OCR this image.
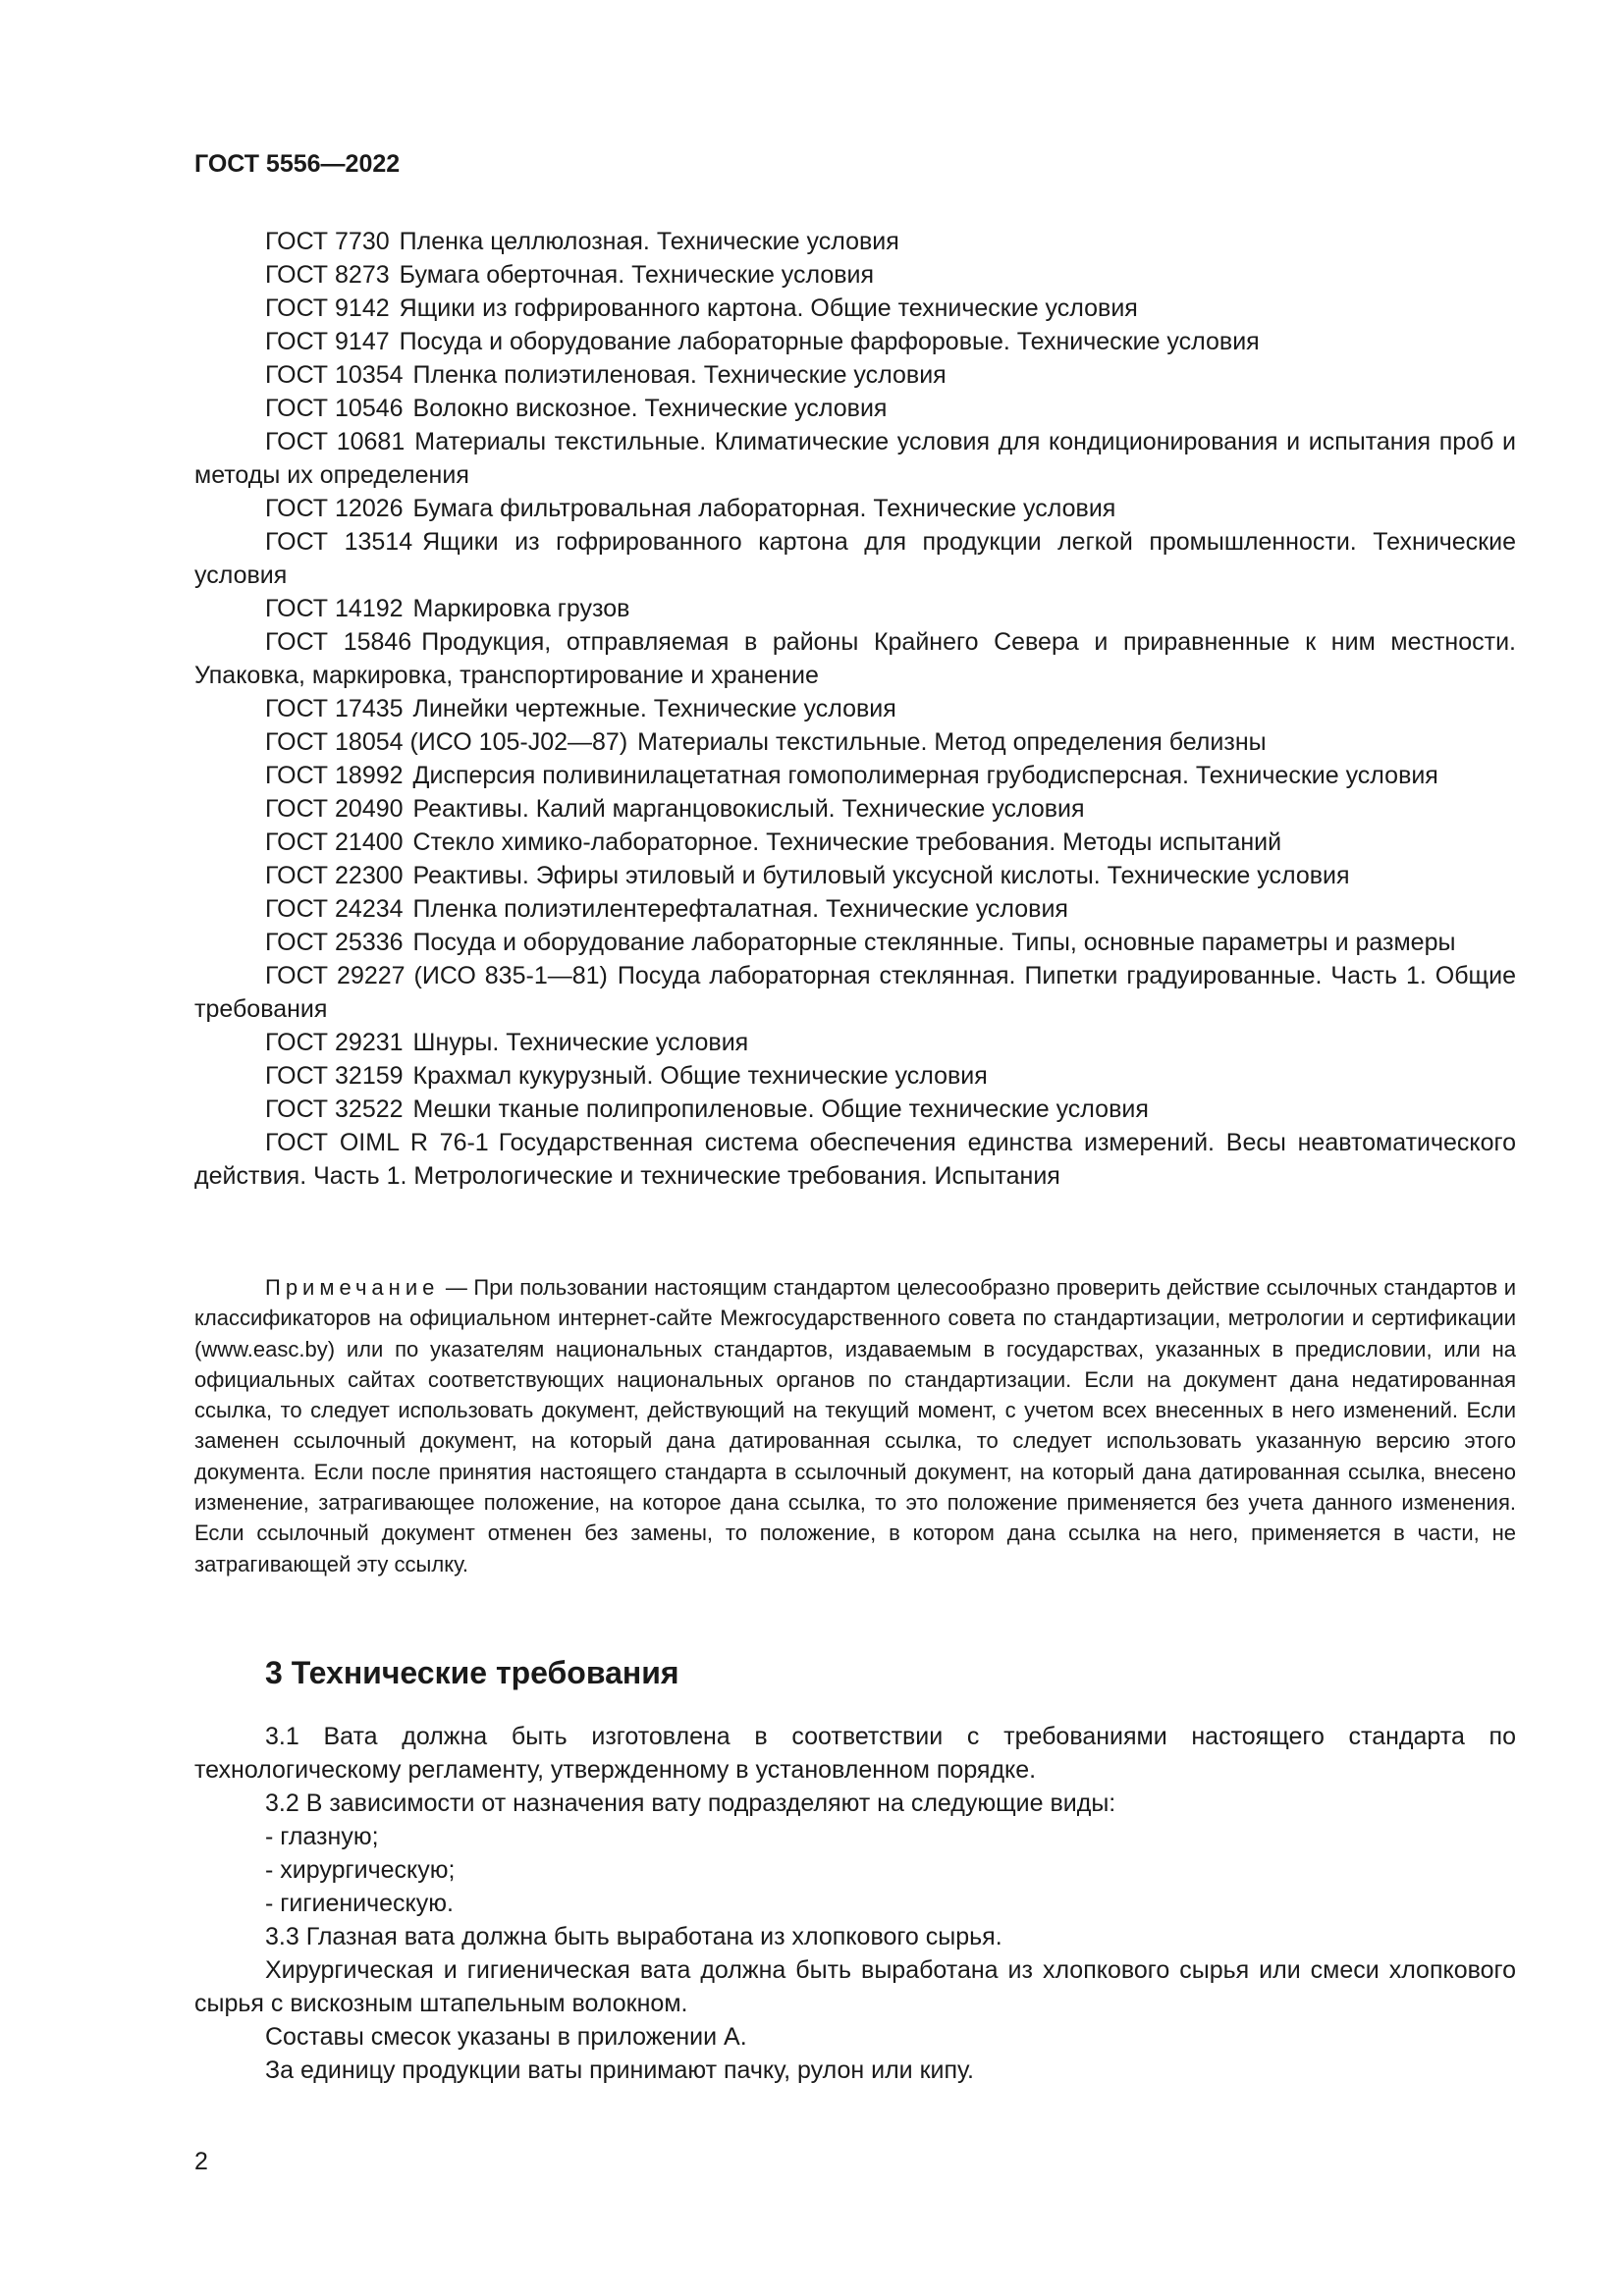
ГОСТ 5556—2022
ГОСТ 7730 Пленка целлюлозная. Технические условия
ГОСТ 8273 Бумага оберточная. Технические условия
ГОСТ 9142 Ящики из гофрированного картона. Общие технические условия
ГОСТ 9147 Посуда и оборудование лабораторные фарфоровые. Технические условия
ГОСТ 10354 Пленка полиэтиленовая. Технические условия
ГОСТ 10546 Волокно вискозное. Технические условия
ГОСТ 10681 Материалы текстильные. Климатические условия для кондиционирования и испытания проб и методы их определения
ГОСТ 12026 Бумага фильтровальная лабораторная. Технические условия
ГОСТ 13514 Ящики из гофрированного картона для продукции легкой промышленности. Технические условия
ГОСТ 14192 Маркировка грузов
ГОСТ 15846 Продукция, отправляемая в районы Крайнего Севера и приравненные к ним местности. Упаковка, маркировка, транспортирование и хранение
ГОСТ 17435 Линейки чертежные. Технические условия
ГОСТ 18054 (ИСО 105-J02—87) Материалы текстильные. Метод определения белизны
ГОСТ 18992 Дисперсия поливинилацетатная гомополимерная грубодисперсная. Технические условия
ГОСТ 20490 Реактивы. Калий марганцовокислый. Технические условия
ГОСТ 21400 Стекло химико-лабораторное. Технические требования. Методы испытаний
ГОСТ 22300 Реактивы. Эфиры этиловый и бутиловый уксусной кислоты. Технические условия
ГОСТ 24234 Пленка полиэтилентерефталатная. Технические условия
ГОСТ 25336 Посуда и оборудование лабораторные стеклянные. Типы, основные параметры и размеры
ГОСТ 29227 (ИСО 835-1—81) Посуда лабораторная стеклянная. Пипетки градуированные. Часть 1. Общие требования
ГОСТ 29231 Шнуры. Технические условия
ГОСТ 32159 Крахмал кукурузный. Общие технические условия
ГОСТ 32522 Мешки тканые полипропиленовые. Общие технические условия
ГОСТ OIML R 76-1 Государственная система обеспечения единства измерений. Весы неавтоматического действия. Часть 1. Метрологические и технические требования. Испытания

Примечание — При пользовании настоящим стандартом целесообразно проверить действие ссылочных стандартов и классификаторов на официальном интернет-сайте Межгосударственного совета по стандартизации, метрологии и сертификации (www.easc.by) или по указателям национальных стандартов, издаваемым в государствах, указанных в предисловии, или на официальных сайтах соответствующих национальных органов по стандартизации. Если на документ дана недатированная ссылка, то следует использовать документ, действующий на текущий момент, с учетом всех внесенных в него изменений. Если заменен ссылочный документ, на который дана датированная ссылка, то следует использовать указанную версию этого документа. Если после принятия настоящего стандарта в ссылочный документ, на который дана датированная ссылка, внесено изменение, затрагивающее положение, на которое дана ссылка, то это положение применяется без учета данного изменения. Если ссылочный документ отменен без замены, то положение, в котором дана ссылка на него, применяется в части, не затрагивающей эту ссылку.

3 Технические требования

3.1 Вата должна быть изготовлена в соответствии с требованиями настоящего стандарта по технологическому регламенту, утвержденному в установленном порядке.

3.2 В зависимости от назначения вату подразделяют на следующие виды:

- глазную;

- хирургическую;

- гигиеническую.

3.3 Глазная вата должна быть выработана из хлопкового сырья.

Хирургическая и гигиеническая вата должна быть выработана из хлопкового сырья или смеси хлопкового сырья с вискозным штапельным волокном.

Составы смесок указаны в приложении А.

За единицу продукции ваты принимают пачку, рулон или кипу.

2
